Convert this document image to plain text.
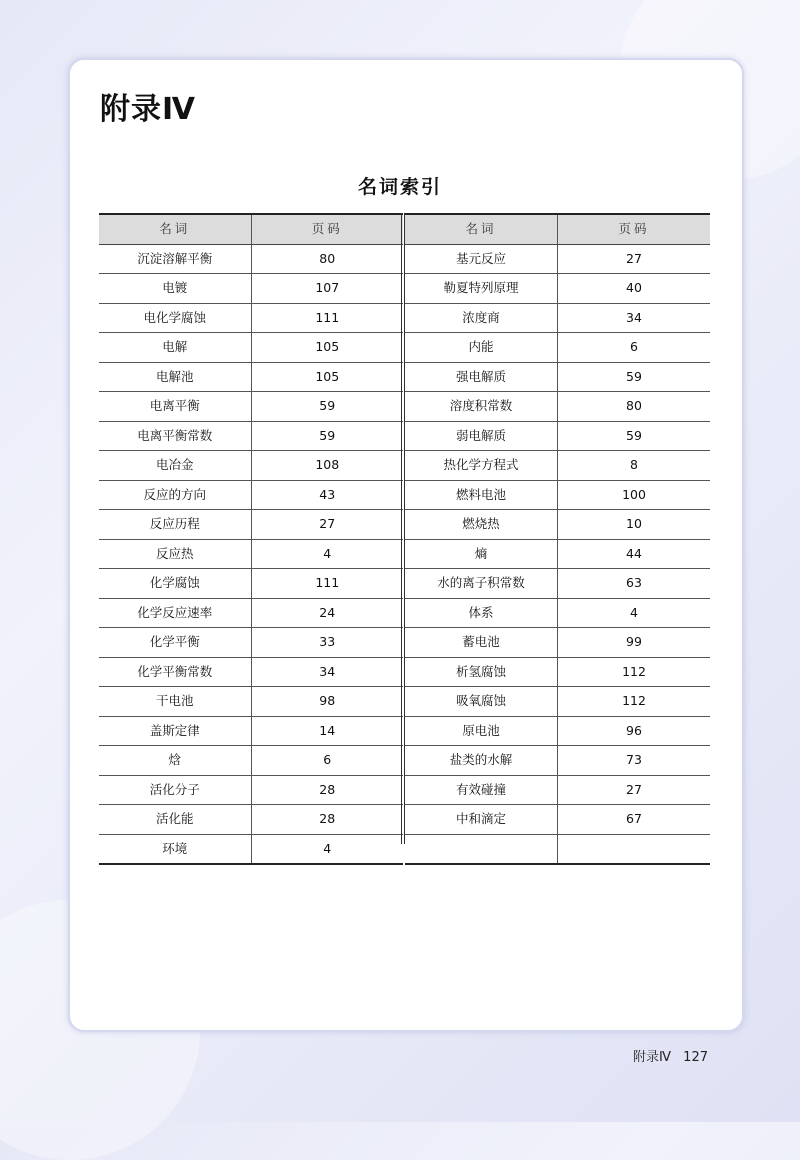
附录Ⅳ
名词索引
名词	页码
沉淀溶解平衡	80
电镀	107
电化学腐蚀	111
电解	105
电解池	105
电离平衡	59
电离平衡常数	59
电冶金	108
反应的方向	43
反应历程	27
反应热	4
化学腐蚀	111
化学反应速率	24
化学平衡	33
化学平衡常数	34
干电池	98
盖斯定律	14
焓	6
活化分子	28
活化能	28
环境	4
名词	页码
基元反应	27
勒夏特列原理	40
浓度商	34
内能	6
强电解质	59
溶度积常数	80
弱电解质	59
热化学方程式	8
燃料电池	100
燃烧热	10
熵	44
水的离子积常数	63
体系	4
蓄电池	99
析氢腐蚀	112
吸氧腐蚀	112
原电池	96
盐类的水解	73
有效碰撞	27
中和滴定	67

附录Ⅳ 127
